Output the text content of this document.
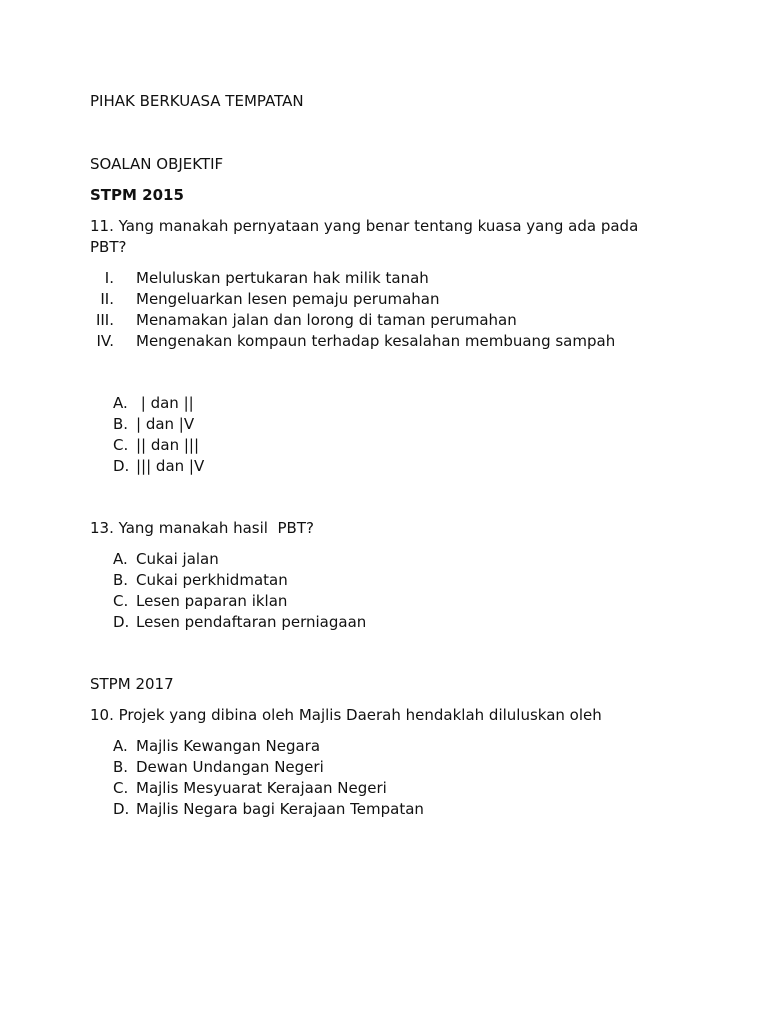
PIHAK BERKUASA TEMPATAN
SOALAN OBJEKTIF
STPM 2015
11. Yang manakah pernyataan yang benar tentang kuasa yang ada pada PBT?
I. Meluluskan pertukaran hak milik tanah
II. Mengeluarkan lesen pemaju perumahan
III. Menamakan jalan dan lorong di taman perumahan
IV. Mengenakan kompaun terhadap kesalahan membuang sampah
A. | dan ||
B. | dan |V
C. || dan |||
D. ||| dan |V
13. Yang manakah hasil  PBT?
A. Cukai jalan
B. Cukai perkhidmatan
C. Lesen paparan iklan
D. Lesen pendaftaran perniagaan
STPM 2017
10. Projek yang dibina oleh Majlis Daerah hendaklah diluluskan oleh
A. Majlis Kewangan Negara
B. Dewan Undangan Negeri
C. Majlis Mesyuarat Kerajaan Negeri
D. Majlis Negara bagi Kerajaan Tempatan
